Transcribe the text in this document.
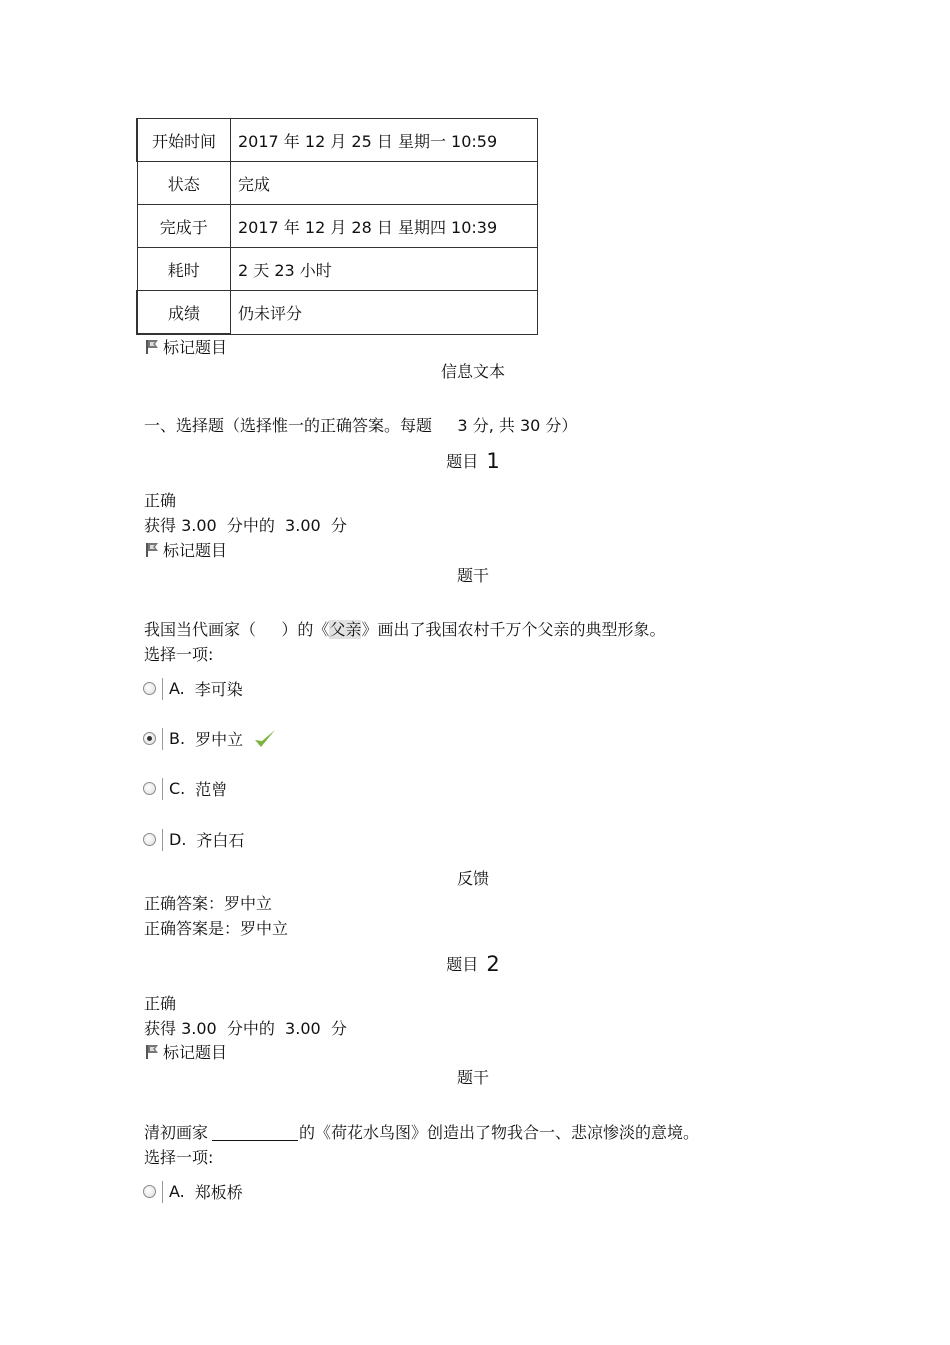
开始时间	2017 年 12 月 25 日 星期一 10:59
状态	完成
完成于	2017 年 12 月 28 日 星期四 10:39
耗时	2 天 23 小时
成绩	仍未评分
标记题目
信息文本
一、选择题（选择惟一的正确答案。每题     3 分, 共 30 分）
题目 1
正确
获得 3.00  分中的  3.00  分
标记题目
题干
我国当代画家（     ）的《父亲》画出了我国农村千万个父亲的典型形象。
选择一项:
A. 李可染
B. 罗中立
C. 范曾
D. 齐白石
反馈
正确答案：罗中立
正确答案是：罗中立
题目 2
正确
获得 3.00  分中的  3.00  分
标记题目
题干
清初画家	的《荷花水鸟图》创造出了物我合一、悲凉惨淡的意境。
选择一项:
A. 郑板桥
